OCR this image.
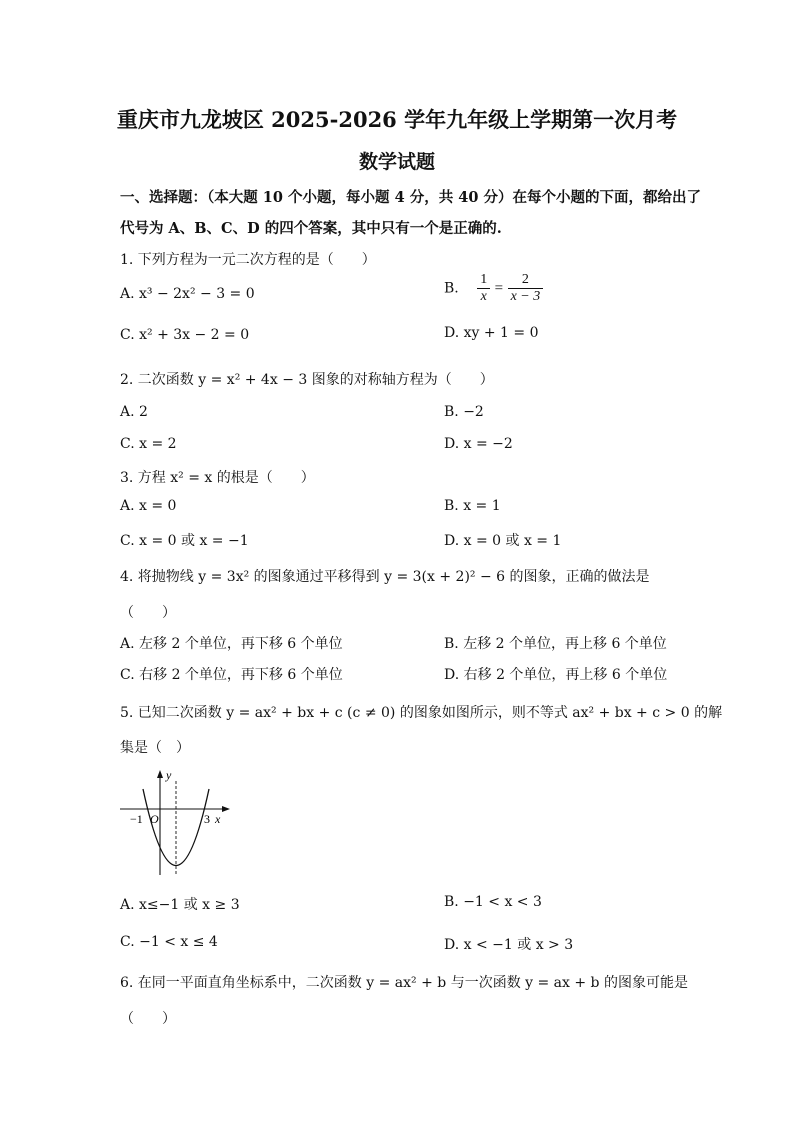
重庆市九龙坡区 2025-2026 学年九年级上学期第一次月考
数学试题
一、选择题：（本大题 10 个小题，每小题 4 分，共 40 分）在每个小题的下面，都给出了
代号为 A、B、C、D 的四个答案，其中只有一个是正确的.
1. 下列方程为一元二次方程的是（　　）
A. x³ − 2x² − 3 = 0	B. $\frac{1}{x} = \frac{2}{x - 3}$
C. x² + 3x − 2 = 0	D. xy + 1 = 0
2. 二次函数 y = x² + 4x − 3 图象的对称轴方程为（　　）
A. 2	B. −2
C. x = 2	D. x = −2
3. 方程 x² = x 的根是（　　）
A. x = 0	B. x = 1
C. x = 0 或 x = −1	D. x = 0 或 x = 1
4. 将抛物线 y = 3x² 的图象通过平移得到 y = 3(x + 2)² − 6 的图象，正确的做法是
（　　）
A. 左移 2 个单位，再下移 6 个单位	B. 左移 2 个单位，再上移 6 个单位
C. 右移 2 个单位，再下移 6 个单位	D. 右移 2 个单位，再上移 6 个单位
5. 已知二次函数 y = ax² + bx + c (c ≠ 0) 的图象如图所示，则不等式 ax² + bx + c > 0 的解
集是（　）
y
x
O
−1	3
A. x≤−1 或 x ≥ 3	B. −1 < x < 3
C. −1 < x ≤ 4	D. x < −1 或 x > 3
6. 在同一平面直角坐标系中，二次函数 y = ax² + b 与一次函数 y = ax + b 的图象可能是
（　　）
